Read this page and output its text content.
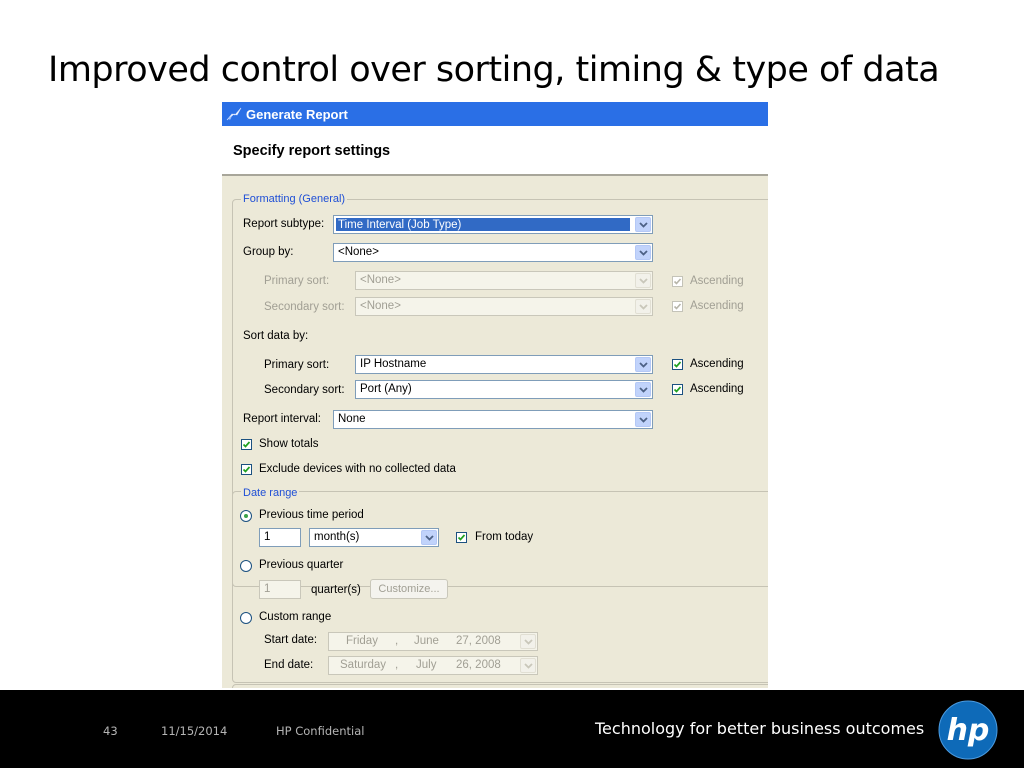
Improved control over sorting, timing & type of data
Generate Report
Specify report settings
Formatting (General)
Report subtype: Time Interval (Job Type)
Group by:	<None>
Primary sort:	<None>	Ascending
Secondary sort: <None>	Ascending
Sort data by:
Primary sort:	IP Hostname	Ascending
Secondary sort: Port (Any)	Ascending
Report interval: None
Show totals
Exclude devices with no collected data
Date range
Previous time period
1	month(s)	From today
Previous quarter
1	quarter(s)	Customize...
Custom range
Start date:	Friday , June 27, 2008
End date: Saturday , July 26, 2008
43	11/15/2014	HP Confidential	Technology for better business outcomes hp
